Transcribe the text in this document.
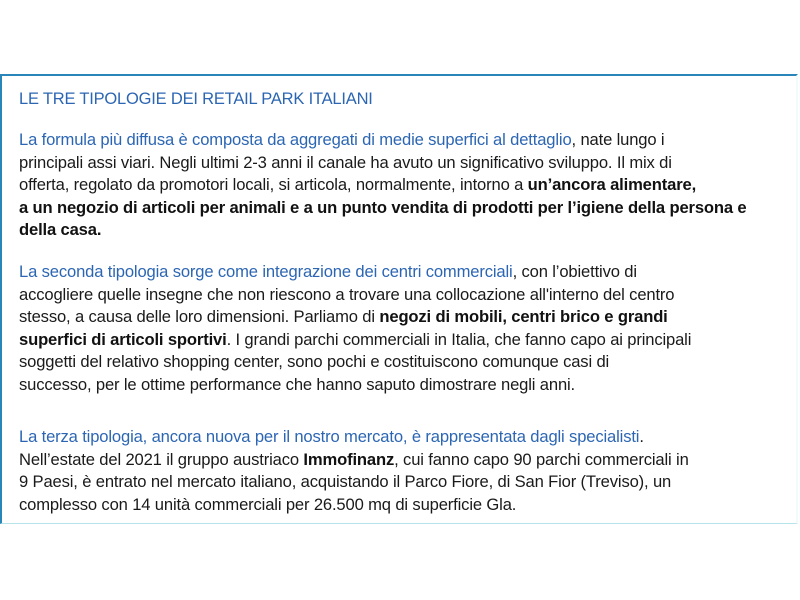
LE TRE TIPOLOGIE DEI RETAIL PARK ITALIANI
La formula più diffusa è composta da aggregati di medie superfici al dettaglio, nate lungo i
principali assi viari. Negli ultimi 2-3 anni il canale ha avuto un significativo sviluppo. Il mix di
offerta, regolato da promotori locali, si articola, normalmente, intorno a un’ancora alimentare,
a un negozio di articoli per animali e a un punto vendita di prodotti per l’igiene della persona e
della casa.
La seconda tipologia sorge come integrazione dei centri commerciali, con l’obiettivo di
accogliere quelle insegne che non riescono a trovare una collocazione all'interno del centro
stesso, a causa delle loro dimensioni. Parliamo di negozi di mobili, centri brico e grandi
superfici di articoli sportivi. I grandi parchi commerciali in Italia, che fanno capo ai principali
soggetti del relativo shopping center, sono pochi e costituiscono comunque casi di
successo, per le ottime performance che hanno saputo dimostrare negli anni.
La terza tipologia, ancora nuova per il nostro mercato, è rappresentata dagli specialisti.
Nell’estate del 2021 il gruppo austriaco Immofinanz, cui fanno capo 90 parchi commerciali in
9 Paesi, è entrato nel mercato italiano, acquistando il Parco Fiore, di San Fior (Treviso), un
complesso con 14 unità commerciali per 26.500 mq di superficie Gla.
